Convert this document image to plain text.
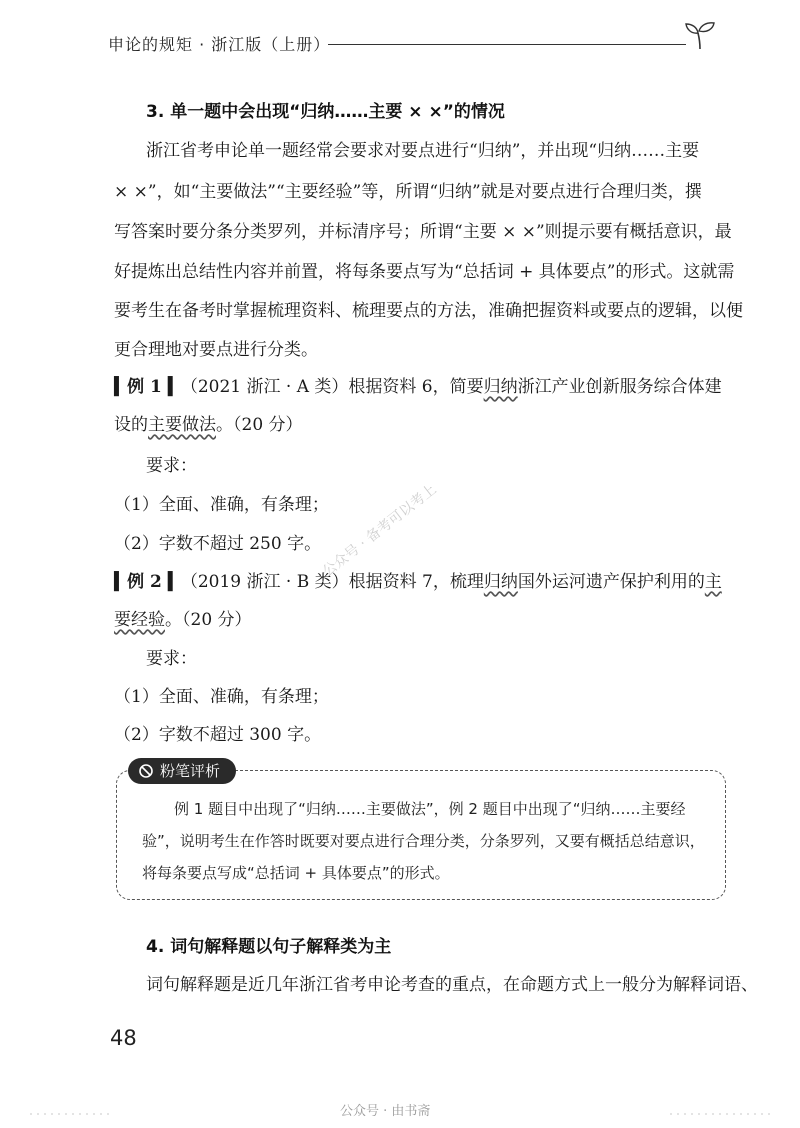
申论的规矩 · 浙江版（上册）
3. 单一题中会出现“归纳……主要 × ×”的情况
浙江省考申论单一题经常会要求对要点进行“归纳”，并出现“归纳……主要
× ×”，如“主要做法”“主要经验”等，所谓“归纳”就是对要点进行合理归类，撰
写答案时要分条分类罗列，并标清序号；所谓“主要 × ×”则提示要有概括意识，最
好提炼出总结性内容并前置，将每条要点写为“总括词 + 具体要点”的形式。这就需
要考生在备考时掌握梳理资料、梳理要点的方法，准确把握资料或要点的逻辑，以便
更合理地对要点进行分类。
▍例 1 ▍（2021 浙江 · A 类）根据资料 6，简要归纳浙江产业创新服务综合体建
设的主要做法。（20 分）
要求：
（1）全面、准确，有条理；
（2）字数不超过 250 字。
▍例 2 ▍（2019 浙江 · B 类）根据资料 7，梳理归纳国外运河遗产保护利用的主
要经验。（20 分）
要求：
（1）全面、准确，有条理；
（2）字数不超过 300 字。
粉笔评析
例 1 题目中出现了“归纳……主要做法”，例 2 题目中出现了“归纳……主要经
验”，说明考生在作答时既要对要点进行合理分类，分条罗列，又要有概括总结意识，
将每条要点写成“总括词 + 具体要点”的形式。
4. 词句解释题以句子解释类为主
词句解释题是近几年浙江省考申论考查的重点，在命题方式上一般分为解释词语、
48
公众号 · 备考可以考上
公众号 · 由书斋
